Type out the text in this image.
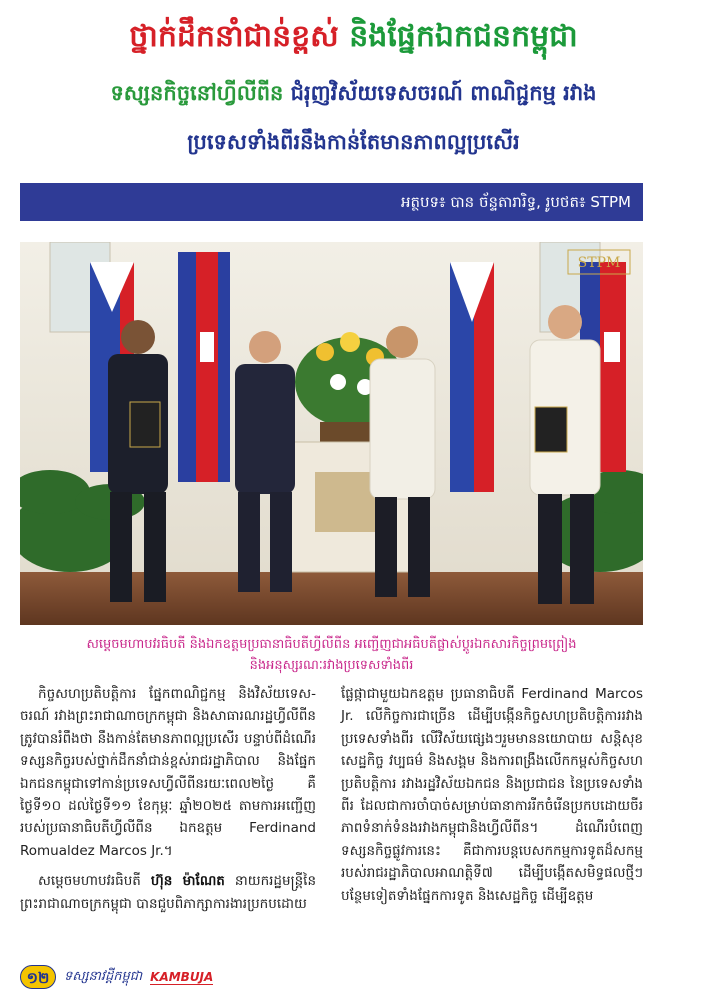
ថ្នាក់ដឹកនាំជាន់ខ្ពស់ និងផ្នែកឯកជនកម្ពុជា
ទស្សនកិច្ចនៅហ្វីលីពីន ជំរុញវិស័យទេសចរណ៍ ពាណិជ្ជកម្ម រវាង
ប្រទេសទាំងពីរនឹងកាន់តែមានភាពល្អប្រសើរ
អត្ថបទ៖ បាន ច័ន្ទតារារិទ្ធ, រូបថត៖ STPM
STPM
សម្តេចមហាបវរធិបតី និងឯកឧត្តមប្រធានាធិបតីហ្វីលីពីន អញ្ជើញជាអធិបតីផ្លាស់ប្តូរឯកសារកិច្ចព្រមព្រៀង
និងអនុស្សរណៈរវាងប្រទេសទាំងពីរ

កិច្ចសហប្រតិបត្តិការ ផ្នែកពាណិជ្ជកម្ម និងវិស័យទេស-ចរណ៍ រវាងព្រះរាជាណាចក្រកម្ពុជា និងសាធារណរដ្ឋហ្វីលីពីន ត្រូវបានរំពឹងថា នឹងកាន់តែមានភាពល្អប្រសើរ បន្ទាប់ពីដំណើរទស្សនកិច្ចរបស់ថ្នាក់ដឹកនាំជាន់ខ្ពស់រាជរដ្ឋាភិបាល និងផ្នែកឯកជនកម្ពុជាទៅកាន់ប្រទេសហ្វីលីពីនរយៈពេល២ថ្ងៃ គឺថ្ងៃទី១០ ដល់ថ្ងៃទី១១ ខែកុម្ភៈ ឆ្នាំ២០២៥ តាមការអញ្ជើញរបស់ប្រធានាធិបតីហ្វីលីពីន ឯកឧត្តម Ferdinand Romualdez Marcos Jr.។

សម្តេចមហាបវរធិបតី ហ៊ុន ម៉ាណែត នាយករដ្ឋមន្ត្រីនៃព្រះរាជាណាចក្រកម្ពុជា បានជួបពិភាក្សាការងារប្រកបដោយ

ផ្លែផ្កាជាមួយឯកឧត្តម ប្រធានាធិបតី Ferdinand Marcos Jr. លើកិច្ចការជាច្រើន ដើម្បីបង្កើនកិច្ចសហប្រតិបត្តិការរវាងប្រទេសទាំងពីរ លើវិស័យផ្សេងៗរួមមាននយោបាយ សន្តិសុខ សេដ្ឋកិច្ច វប្បធម៌ និងសង្គម និងការពង្រឹងលើកកម្ពស់កិច្ចសហប្រតិបត្តិការ រវាងរដ្ឋវិស័យឯកជន និងប្រជាជន នៃប្រទេសទាំងពីរ ដែលជាការចាំបាច់សម្រាប់ធានាការរីកចំរើនប្រកបដោយចីរភាពទំនាក់ទំនងរវាងកម្ពុជានិងហ្វីលីពីន។ ដំណើរបំពេញទស្សនកិច្ចផ្លូវការនេះ គឺជាការបន្តបេសកកម្មការទូតដ៏សកម្មរបស់រាជរដ្ឋាភិបាលអាណត្តិទី៧ ដើម្បីបង្កើតសមិទ្ធផលថ្មីៗបន្ថែមទៀតទាំងផ្នែកការទូត និងសេដ្ឋកិច្ច ដើម្បីឧត្តម

១២	ទស្សនាវដ្តីកម្ពុជា KAMBUJA
